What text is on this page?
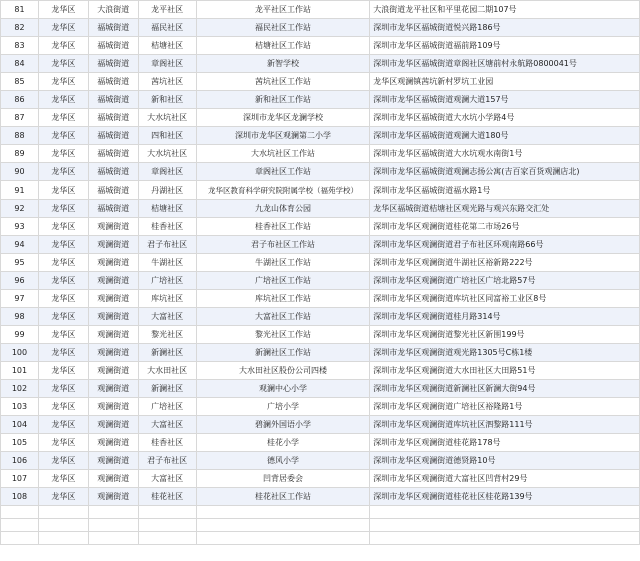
81	龙华区	大浪街道	龙平社区	龙平社区工作站	大浪街道龙平社区和平里花园二期107号
82	龙华区	福城街道	福民社区	福民社区工作站	深圳市龙华区福城街道悦兴路186号
83	龙华区	福城街道	桔塘社区	桔塘社区工作站	深圳市龙华区福城街道福前路109号
84	龙华区	福城街道	章阁社区	新智学校	深圳市龙华区福城街道章阁社区塘前村永航路0800041号
85	龙华区	福城街道	茜坑社区	茜坑社区工作站	龙华区观澜镇茜坑新村罗坑工业园
86	龙华区	福城街道	新和社区	新和社区工作站	深圳市龙华区福城街道观澜大道157号
87	龙华区	福城街道	大水坑社区	深圳市龙华区龙澜学校	深圳市龙华区福城街道大水坑小学路4号
88	龙华区	福城街道	四和社区	深圳市龙华区观澜第二小学	深圳市龙华区福城街道观澜大道180号
89	龙华区	福城街道	大水坑社区	大水坑社区工作站	深圳市龙华区福城街道大水坑观水南街1号
90	龙华区	福城街道	章阁社区	章阁社区工作站	深圳市龙华区福城街道观澜志扬公寓(吉百家百货观澜店北)
91	龙华区	福城街道	丹湖社区	龙华区教育科学研究院附属学校（福苑学校）	深圳市龙华区福城街道福水路1号
92	龙华区	福城街道	桔塘社区	九龙山体育公园	龙华区福城街道桔塘社区观光路与观兴东路交汇处
93	龙华区	观澜街道	桂香社区	桂香社区工作站	深圳市龙华区观澜街道桂花第二市场26号
94	龙华区	观澜街道	君子布社区	君子布社区工作站	深圳市龙华区观澜街道君子布社区环观南路66号
95	龙华区	观澜街道	牛湖社区	牛湖社区工作站	深圳市龙华区观澜街道牛湖社区裕新路222号
96	龙华区	观澜街道	广培社区	广培社区工作站	深圳市龙华区观澜街道广培社区广培北路57号
97	龙华区	观澜街道	库坑社区	库坑社区工作站	深圳市龙华区观澜街道库坑社区同富裕工业区8号
98	龙华区	观澜街道	大富社区	大富社区工作站	深圳市龙华区观澜街道桂月路314号
99	龙华区	观澜街道	黎光社区	黎光社区工作站	深圳市龙华区观澜街道黎光社区新围199号
100	龙华区	观澜街道	新澜社区	新澜社区工作站	深圳市龙华区观澜街道观光路1305号C栋1楼
101	龙华区	观澜街道	大水田社区	大水田社区股份公司四楼	深圳市龙华区观澜街道大水田社区大田路51号
102	龙华区	观澜街道	新澜社区	观澜中心小学	深圳市龙华区观澜街道新澜社区新澜大街94号
103	龙华区	观澜街道	广培社区	广培小学	深圳市龙华区观澜街道广培社区裕隆路1号
104	龙华区	观澜街道	大富社区	碧澜外国语小学	深圳市龙华区观澜街道库坑社区泗黎路111号
105	龙华区	观澜街道	桂香社区	桂花小学	深圳市龙华区观澜街道桂花路178号
106	龙华区	观澜街道	君子布社区	德风小学	深圳市龙华区观澜街道德贤路10号
107	龙华区	观澜街道	大富社区	凹背居委会	深圳市龙华区观澜街道大富社区凹背村29号
108	龙华区	观澜街道	桂花社区	桂花社区工作站	深圳市龙华区观澜街道桂花社区桂花路139号
